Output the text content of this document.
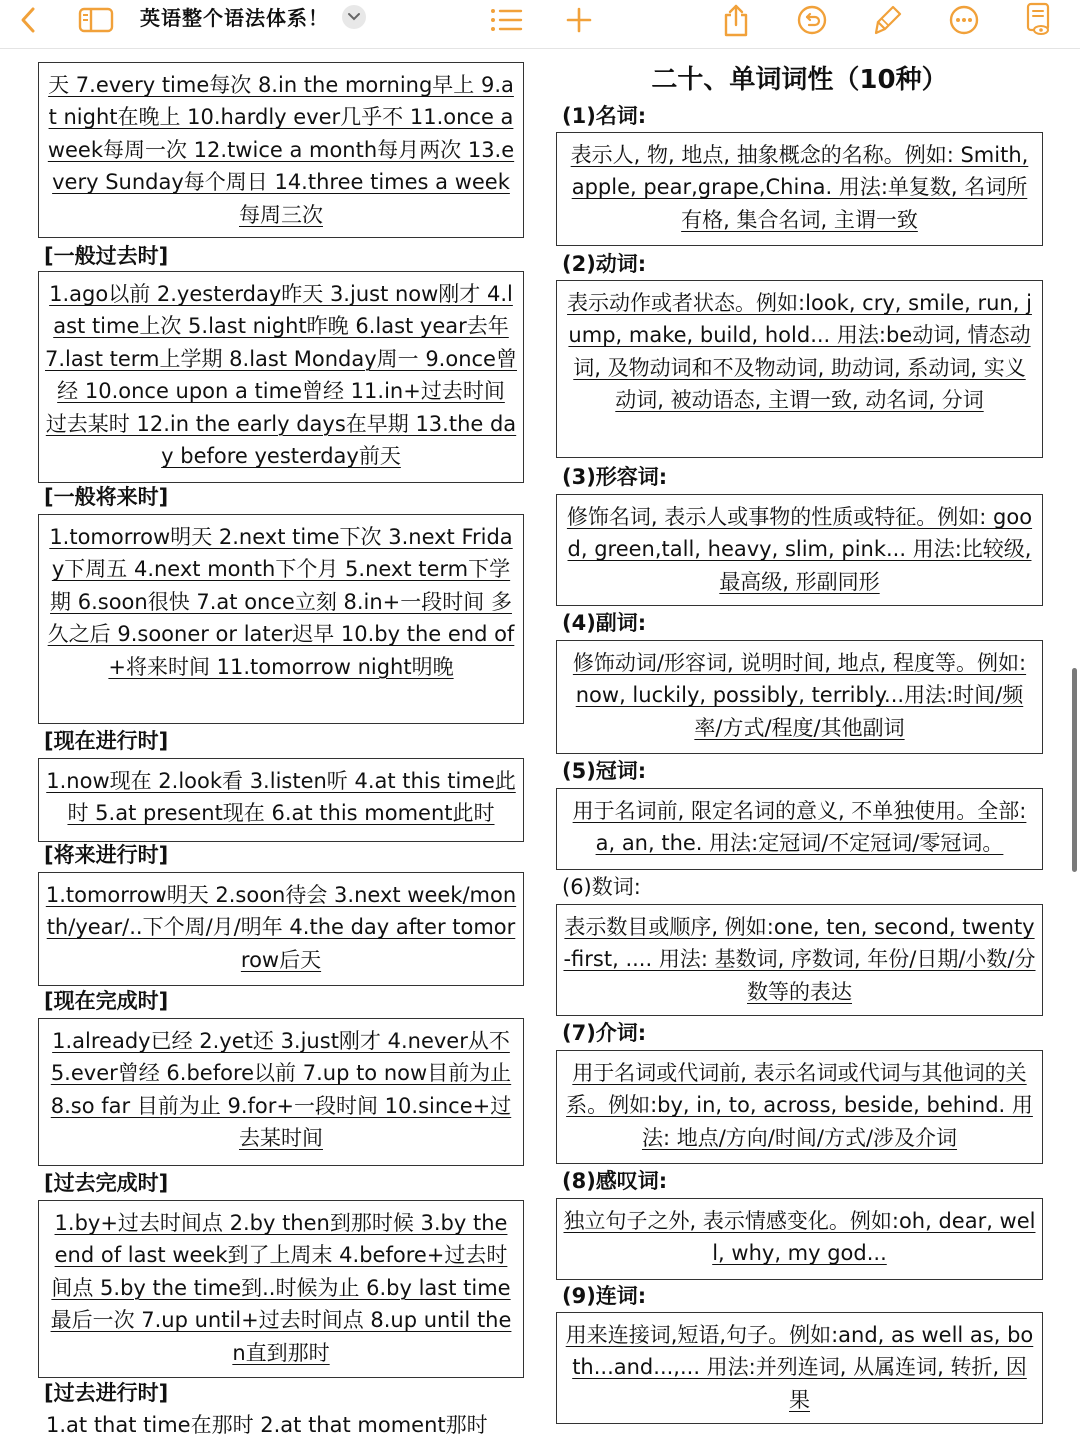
英语整个语法体系！
天 7.every time每次 8.in the morning早上 9.at night在晚上 10.hardly ever几乎不 11.once a week每周一次 12.twice a month每月两次 13.every Sunday每个周日 14.three times a week每周三次
[一般过去时]
1.ago以前 2.yesterday昨天 3.just now刚才 4.last time上次 5.last night昨晚 6.last year去年 7.last term上学期 8.last Monday周一 9.once曾经 10.once upon a time曾经 11.in+过去时间 过去某时 12.in the early days在早期 13.the day before yesterday前天
[一般将来时]
1.tomorrow明天 2.next time下次 3.next Friday下周五 4.next month下个月 5.next term下学期 6.soon很快 7.at once立刻 8.in+一段时间 多久之后 9.sooner or later迟早 10.by the end of+将来时间 11.tomorrow night明晚
[现在进行时]
1.now现在 2.look看 3.listen听 4.at this time此时 5.at present现在 6.at this moment此时
[将来进行时]
1.tomorrow明天 2.soon待会 3.next week/month/year/..下个周/月/明年 4.the day after tomorrow后天
[现在完成时]
1.already已经 2.yet还 3.just刚才 4.never从不 5.ever曾经 6.before以前 7.up to now目前为止 8.so far 目前为止 9.for+一段时间 10.since+过去某时间
[过去完成时]
1.by+过去时间点 2.by then到那时候 3.by the end of last week到了上周末 4.before+过去时间点 5.by the time到..时候为止 6.by last time最后一次 7.up until+过去时间点 8.up until then直到那时
[过去进行时]
1.at that time在那时 2.at that moment那时
二十、单词词性（10种）
(1)名词:
表示人, 物, 地点, 抽象概念的名称。例如: Smith, apple, pear,grape,China. 用法:单复数, 名词所有格, 集合名词, 主谓一致
(2)动词:
表示动作或者状态。例如:look, cry, smile, run, jump, make, build, hold... 用法:be动词, 情态动词, 及物动词和不及物动词, 助动词, 系动词, 实义动词, 被动语态, 主谓一致, 动名词, 分词
(3)形容词:
修饰名词, 表示人或事物的性质或特征。例如: good, green,tall, heavy, slim, pink... 用法:比较级, 最高级, 形副同形
(4)副词:
修饰动词/形容词, 说明时间, 地点, 程度等。例如: now, luckily, possibly, terribly...用法:时间/频率/方式/程度/其他副词
(5)冠词:
用于名词前, 限定名词的意义, 不单独使用。全部: a, an, the. 用法:定冠词/不定冠词/零冠词。
(6)数词:
表示数目或顺序, 例如:one, ten, second, twenty-first, .... 用法: 基数词, 序数词, 年份/日期/小数/分数等的表达
(7)介词:
用于名词或代词前, 表示名词或代词与其他词的关系。例如:by, in, to, across, beside, behind. 用法: 地点/方向/时间/方式/涉及介词
(8)感叹词:
独立句子之外, 表示情感变化。例如:oh, dear, well, why, my god...
(9)连词:
用来连接词,短语,句子。例如:and, as well as, both...and...,... 用法:并列连词, 从属连词, 转折, 因果
